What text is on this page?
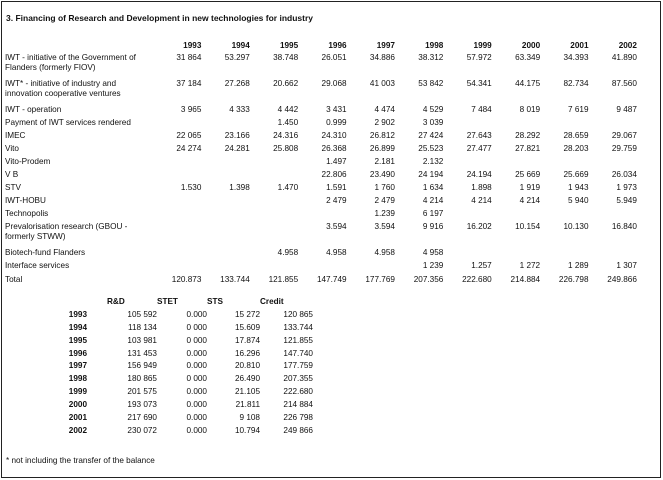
3. Financing of Research and Development in new technologies for industry
	1993	1994	1995	1996	1997	1998	1999	2000	2001	2002
IWT - initiative of the Government of Flanders (formerly FIOV)	31 864	53.297	38.748	26.051	34.886	38.312	57.972	63.349	34.393	41.890
IWT* - initiative of industry and innovation cooperative ventures	37 184	27.268	20.662	29.068	41 003	53 842	54.341	44.175	82.734	87.560
IWT - operation	3 965	4 333	4 442	3 431	4 474	4 529	7 484	8 019	7 619	9 487
Payment of IWT services rendered			1.450	0.999	2 902	3 039				
IMEC	22 065	23.166	24.316	24.310	26.812	27 424	27.643	28.292	28.659	29.067
Vito	24 274	24.281	25.808	26.368	26.899	25.523	27.477	27.821	28.203	29.759
Vito-Prodem				1.497	2.181	2.132				
V B				22.806	23.490	24 194	24.194	25 669	25.669	26.034
STV	1.530	1.398	1.470	1.591	1 760	1 634	1.898	1 919	1 943	1 973
IWT-HOBU				2 479	2 479	4 214	4 214	4 214	5 940	5.949
Technopolis					1.239	6 197				
Prevalorisation research (GBOU - formerly STWW)				3.594	3.594	9 916	16.202	10.154	10.130	16.840
Biotech-fund Flanders			4.958	4.958	4.958	4 958				
Interface services						1 239	1.257	1 272	1 289	1 307
Total	120.873	133.744	121.855	147.749	177.769	207.356	222.680	214.884	226.798	249.866
		R&D	STET	STS	Credit
1993		105 592	0.000	15 272	120 865
1994		118 134	0 000	15.609	133.744
1995		103 981	0 000	17.874	121.855
1996		131 453	0.000	16.296	147.740
1997		156 949	0.000	20.810	177.759
1998		180 865	0 000	26.490	207.355
1999		201 575	0.000	21.105	222.680
2000		193 073	0.000	21.811	214 884
2001		217 690	0.000	9 108	226 798
2002		230 072	0.000	10.794	249 866
* not including the transfer of the balance
